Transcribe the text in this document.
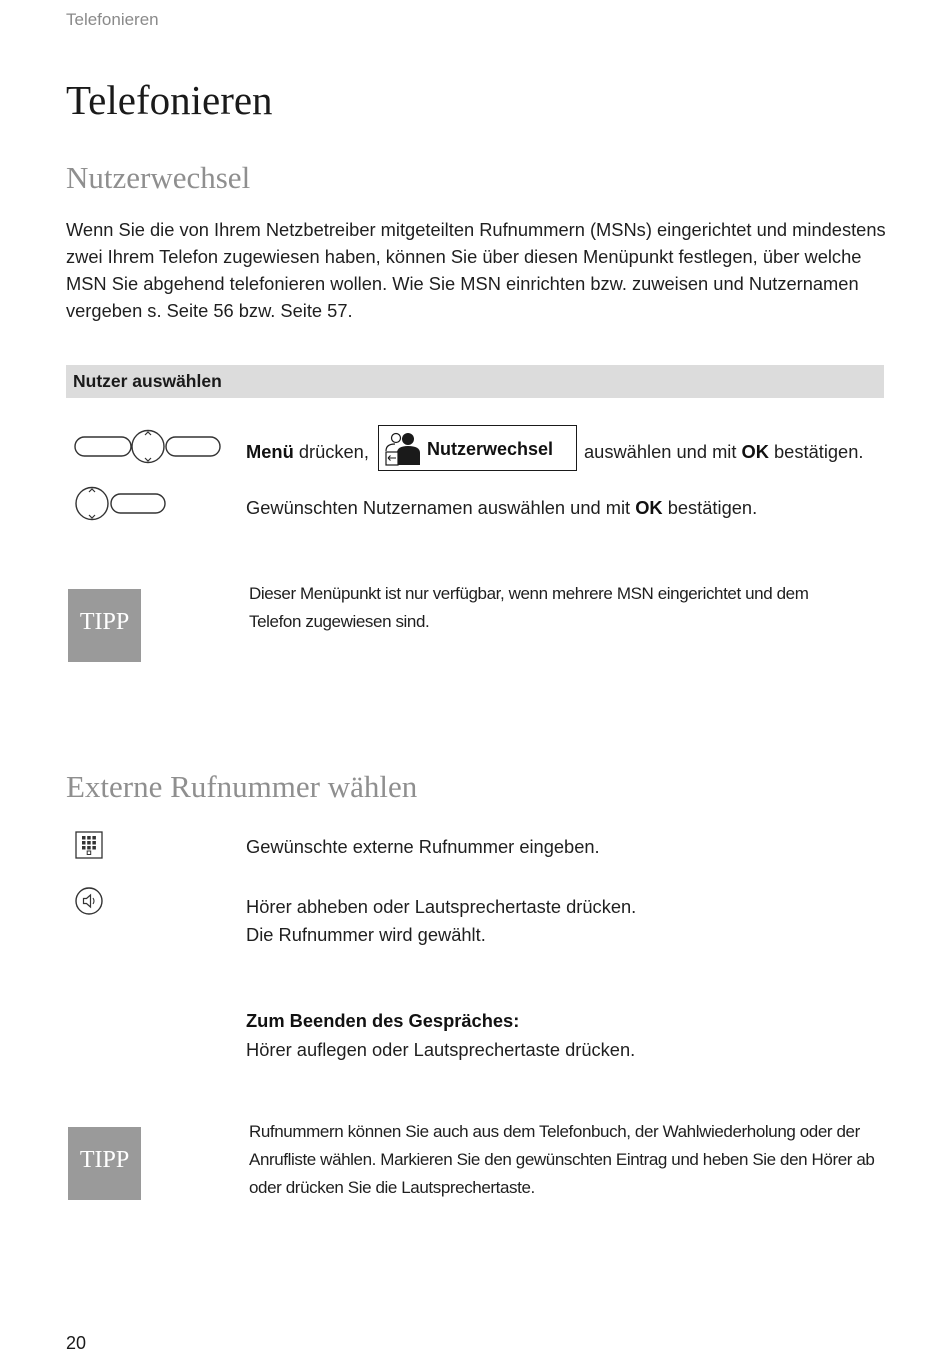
Telefonieren
Telefonieren
Nutzerwechsel
Wenn Sie die von Ihrem Netzbetreiber mitgeteilten Rufnummern (MSNs) eingerichtet und mindestens
zwei Ihrem Telefon zugewiesen haben, können Sie über diesen Menüpunkt festlegen, über welche
MSN Sie abgehend telefonieren wollen. Wie Sie MSN einrichten bzw. zuweisen und Nutzernamen
vergeben s. Seite 56 bzw. Seite 57.
Nutzer auswählen
Menü drücken,	Nutzerwechsel auswählen und mit OK bestätigen.
Gewünschten Nutzernamen auswählen und mit OK bestätigen.
TIPP
Dieser Menüpunkt ist nur verfügbar, wenn mehrere MSN eingerichtet und dem
Telefon zugewiesen sind.
Externe Rufnummer wählen
Gewünschte externe Rufnummer eingeben.
Hörer abheben oder Lautsprechertaste drücken.
Die Rufnummer wird gewählt.
Zum Beenden des Gespräches:
Hörer auflegen oder Lautsprechertaste drücken.
TIPP
Rufnummern können Sie auch aus dem Telefonbuch, der Wahlwiederholung oder der
Anrufliste wählen. Markieren Sie den gewünschten Eintrag und heben Sie den Hörer ab
oder drücken Sie die Lautsprechertaste.
20
